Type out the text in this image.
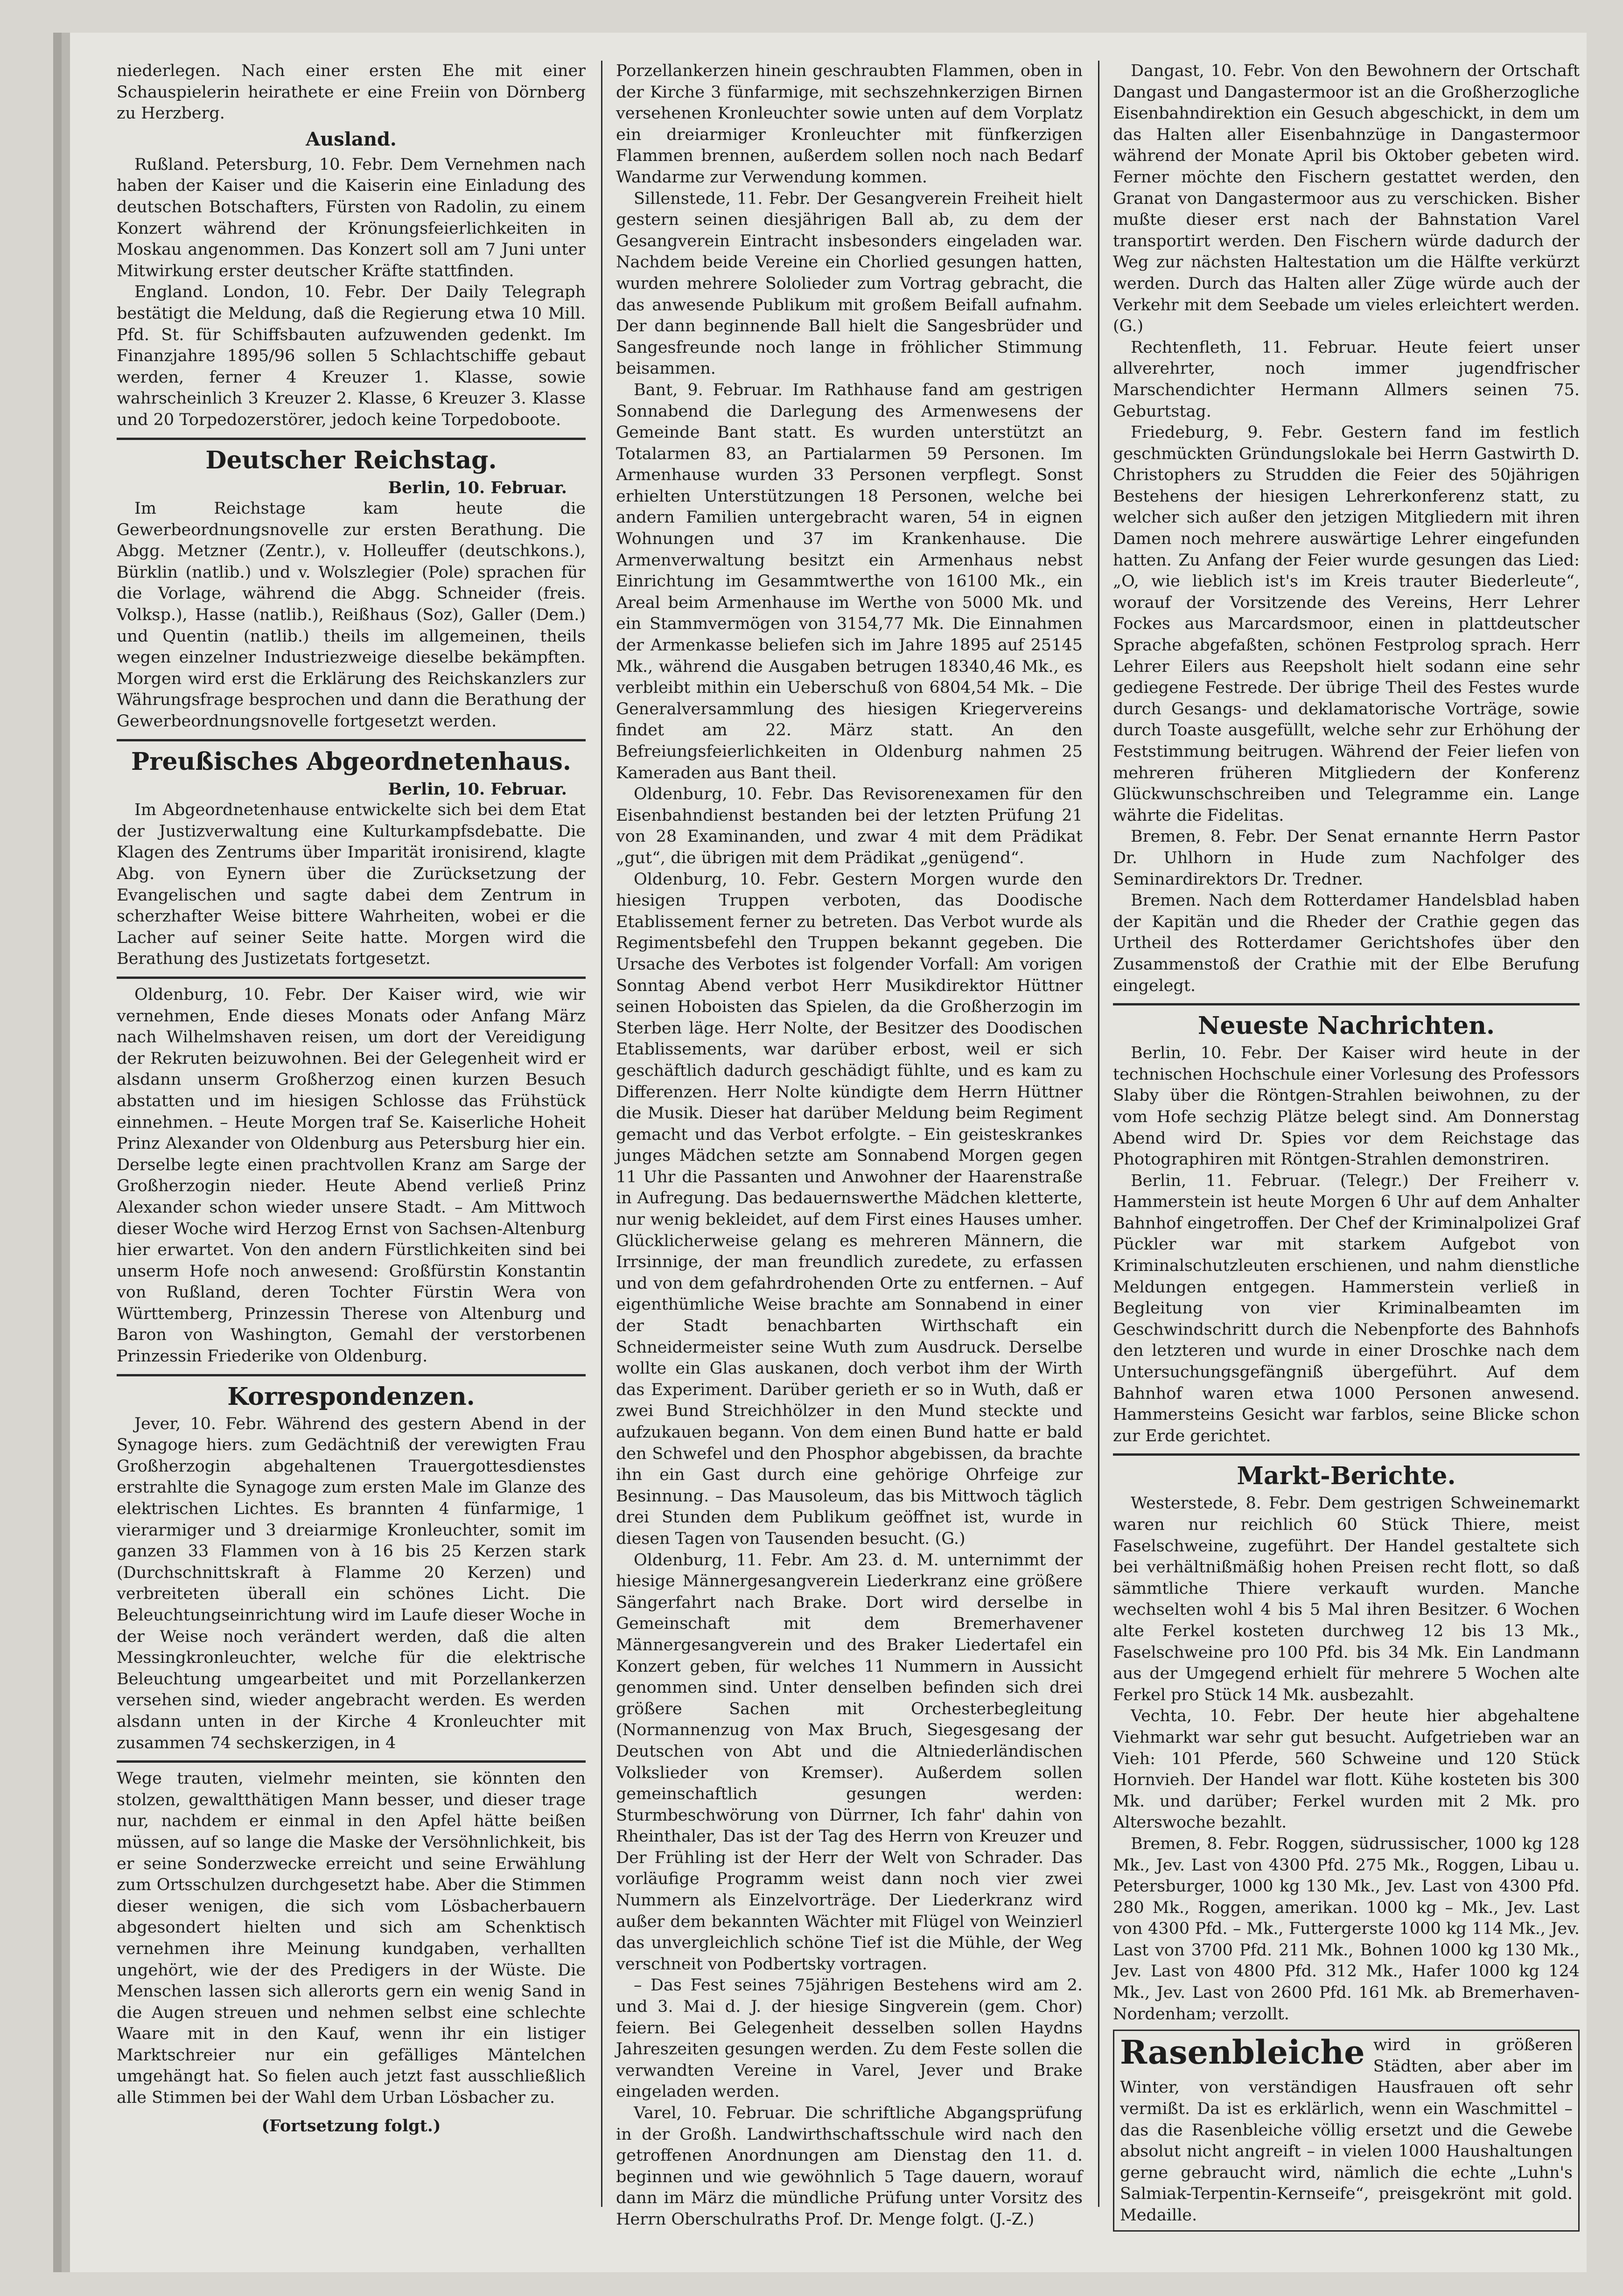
niederlegen. Nach einer ersten Ehe mit einer Schauspielerin heirathete er eine Freiin von Dörnberg zu Herzberg.

Ausland.

Rußland. Petersburg, 10. Febr. Dem Vernehmen nach haben der Kaiser und die Kaiserin eine Einladung des deutschen Botschafters, Fürsten von Radolin, zu einem Konzert während der Krönungsfeierlichkeiten in Moskau angenommen. Das Konzert soll am 7 Juni unter Mitwirkung erster deutscher Kräfte stattfinden.

England. London, 10. Febr. Der Daily Telegraph bestätigt die Meldung, daß die Regierung etwa 10 Mill. Pfd. St. für Schiffsbauten aufzuwenden gedenkt. Im Finanzjahre 1895/96 sollen 5 Schlachtschiffe gebaut werden, ferner 4 Kreuzer 1. Klasse, sowie wahrscheinlich 3 Kreuzer 2. Klasse, 6 Kreuzer 3. Klasse und 20 Torpedozerstörer, jedoch keine Torpedoboote.

Deutscher Reichstag.

Berlin, 10. Februar.

Im Reichstage kam heute die Gewerbeordnungsnovelle zur ersten Berathung. Die Abgg. Metzner (Zentr.), v. Holleuffer (deutschkons.), Bürklin (natlib.) und v. Wolszlegier (Pole) sprachen für die Vorlage, während die Abgg. Schneider (freis. Volksp.), Hasse (natlib.), Reißhaus (Soz), Galler (Dem.) und Quentin (natlib.) theils im allgemeinen, theils wegen einzelner Industriezweige dieselbe bekämpften. Morgen wird erst die Erklärung des Reichskanzlers zur Währungsfrage besprochen und dann die Berathung der Gewerbeordnungsnovelle fortgesetzt werden.

Preußisches Abgeordnetenhaus.

Berlin, 10. Februar.

Im Abgeordnetenhause entwickelte sich bei dem Etat der Justizverwaltung eine Kulturkampfsdebatte. Die Klagen des Zentrums über Imparität ironisirend, klagte Abg. von Eynern über die Zurücksetzung der Evangelischen und sagte dabei dem Zentrum in scherzhafter Weise bittere Wahrheiten, wobei er die Lacher auf seiner Seite hatte. Morgen wird die Berathung des Justizetats fortgesetzt.

Oldenburg, 10. Febr. Der Kaiser wird, wie wir vernehmen, Ende dieses Monats oder Anfang März nach Wilhelmshaven reisen, um dort der Vereidigung der Rekruten beizuwohnen. Bei der Gelegenheit wird er alsdann unserm Großherzog einen kurzen Besuch abstatten und im hiesigen Schlosse das Frühstück einnehmen. – Heute Morgen traf Se. Kaiserliche Hoheit Prinz Alexander von Oldenburg aus Petersburg hier ein. Derselbe legte einen prachtvollen Kranz am Sarge der Großherzogin nieder. Heute Abend verließ Prinz Alexander schon wieder unsere Stadt. – Am Mittwoch dieser Woche wird Herzog Ernst von Sachsen-Altenburg hier erwartet. Von den andern Fürstlichkeiten sind bei unserm Hofe noch anwesend: Großfürstin Konstantin von Rußland, deren Tochter Fürstin Wera von Württemberg, Prinzessin Therese von Altenburg und Baron von Washington, Gemahl der verstorbenen Prinzessin Friederike von Oldenburg.

Korrespondenzen.

Jever, 10. Febr. Während des gestern Abend in der Synagoge hiers. zum Gedächtniß der verewigten Frau Großherzogin abgehaltenen Trauergottesdienstes erstrahlte die Synagoge zum ersten Male im Glanze des elektrischen Lichtes. Es brannten 4 fünfarmige, 1 vierarmiger und 3 dreiarmige Kronleuchter, somit im ganzen 33 Flammen von à 16 bis 25 Kerzen stark (Durchschnittskraft à Flamme 20 Kerzen) und verbreiteten überall ein schönes Licht. Die Beleuchtungseinrichtung wird im Laufe dieser Woche in der Weise noch verändert werden, daß die alten Messingkronleuchter, welche für die elektrische Beleuchtung umgearbeitet und mit Porzellankerzen versehen sind, wieder angebracht werden. Es werden alsdann unten in der Kirche 4 Kronleuchter mit zusammen 74 sechskerzigen, in 4

Wege trauten, vielmehr meinten, sie könnten den stolzen, gewaltthätigen Mann besser, und dieser trage nur, nachdem er einmal in den Apfel hätte beißen müssen, auf so lange die Maske der Versöhnlichkeit, bis er seine Sonderzwecke erreicht und seine Erwählung zum Ortsschulzen durchgesetzt habe. Aber die Stimmen dieser wenigen, die sich vom Lösbacherbauern abgesondert hielten und sich am Schenktisch vernehmen ihre Meinung kundgaben, verhallten ungehört, wie der des Predigers in der Wüste. Die Menschen lassen sich allerorts gern ein wenig Sand in die Augen streuen und nehmen selbst eine schlechte Waare mit in den Kauf, wenn ihr ein listiger Marktschreier nur ein gefälliges Mäntelchen umgehängt hat. So fielen auch jetzt fast ausschließlich alle Stimmen bei der Wahl dem Urban Lösbacher zu.

(Fortsetzung folgt.)

Porzellankerzen hinein geschraubten Flammen, oben in der Kirche 3 fünfarmige, mit sechszehnkerzigen Birnen versehenen Kronleuchter sowie unten auf dem Vorplatz ein dreiarmiger Kronleuchter mit fünfkerzigen Flammen brennen, außerdem sollen noch nach Bedarf Wandarme zur Verwendung kommen.

Sillenstede, 11. Febr. Der Gesangverein Freiheit hielt gestern seinen diesjährigen Ball ab, zu dem der Gesangverein Eintracht insbesonders eingeladen war. Nachdem beide Vereine ein Chorlied gesungen hatten, wurden mehrere Sololieder zum Vortrag gebracht, die das anwesende Publikum mit großem Beifall aufnahm. Der dann beginnende Ball hielt die Sangesbrüder und Sangesfreunde noch lange in fröhlicher Stimmung beisammen.

Bant, 9. Februar. Im Rathhause fand am gestrigen Sonnabend die Darlegung des Armenwesens der Gemeinde Bant statt. Es wurden unterstützt an Totalarmen 83, an Partialarmen 59 Personen. Im Armenhause wurden 33 Personen verpflegt. Sonst erhielten Unterstützungen 18 Personen, welche bei andern Familien untergebracht waren, 54 in eignen Wohnungen und 37 im Krankenhause. Die Armenverwaltung besitzt ein Armenhaus nebst Einrichtung im Gesammtwerthe von 16100 Mk., ein Areal beim Armenhause im Werthe von 5000 Mk. und ein Stammvermögen von 3154,77 Mk. Die Einnahmen der Armenkasse beliefen sich im Jahre 1895 auf 25145 Mk., während die Ausgaben betrugen 18340,46 Mk., es verbleibt mithin ein Ueberschuß von 6804,54 Mk. – Die Generalversammlung des hiesigen Kriegervereins findet am 22. März statt. An den Befreiungsfeierlichkeiten in Oldenburg nahmen 25 Kameraden aus Bant theil.

Oldenburg, 10. Febr. Das Revisorenexamen für den Eisenbahndienst bestanden bei der letzten Prüfung 21 von 28 Examinanden, und zwar 4 mit dem Prädikat „gut“, die übrigen mit dem Prädikat „genügend“.

Oldenburg, 10. Febr. Gestern Morgen wurde den hiesigen Truppen verboten, das Doodische Etablissement ferner zu betreten. Das Verbot wurde als Regimentsbefehl den Truppen bekannt gegeben. Die Ursache des Verbotes ist folgender Vorfall: Am vorigen Sonntag Abend verbot Herr Musikdirektor Hüttner seinen Hoboisten das Spielen, da die Großherzogin im Sterben läge. Herr Nolte, der Besitzer des Doodischen Etablissements, war darüber erbost, weil er sich geschäftlich dadurch geschädigt fühlte, und es kam zu Differenzen. Herr Nolte kündigte dem Herrn Hüttner die Musik. Dieser hat darüber Meldung beim Regiment gemacht und das Verbot erfolgte. – Ein geisteskrankes junges Mädchen setzte am Sonnabend Morgen gegen 11 Uhr die Passanten und Anwohner der Haarenstraße in Aufregung. Das bedauernswerthe Mädchen kletterte, nur wenig bekleidet, auf dem First eines Hauses umher. Glücklicherweise gelang es mehreren Männern, die Irrsinnige, der man freundlich zuredete, zu erfassen und von dem gefahrdrohenden Orte zu entfernen. – Auf eigenthümliche Weise brachte am Sonnabend in einer der Stadt benachbarten Wirthschaft ein Schneidermeister seine Wuth zum Ausdruck. Derselbe wollte ein Glas auskanen, doch verbot ihm der Wirth das Experiment. Darüber gerieth er so in Wuth, daß er zwei Bund Streichhölzer in den Mund steckte und aufzukauen begann. Von dem einen Bund hatte er bald den Schwefel und den Phosphor abgebissen, da brachte ihn ein Gast durch eine gehörige Ohrfeige zur Besinnung. – Das Mausoleum, das bis Mittwoch täglich drei Stunden dem Publikum geöffnet ist, wurde in diesen Tagen von Tausenden besucht. (G.)

Oldenburg, 11. Febr. Am 23. d. M. unternimmt der hiesige Männergesangverein Liederkranz eine größere Sängerfahrt nach Brake. Dort wird derselbe in Gemeinschaft mit dem Bremerhavener Männergesangverein und des Braker Liedertafel ein Konzert geben, für welches 11 Nummern in Aussicht genommen sind. Unter denselben befinden sich drei größere Sachen mit Orchesterbegleitung (Normannenzug von Max Bruch, Siegesgesang der Deutschen von Abt und die Altniederländischen Volkslieder von Kremser). Außerdem sollen gemeinschaftlich gesungen werden: Sturmbeschwörung von Dürrner, Ich fahr' dahin von Rheinthaler, Das ist der Tag des Herrn von Kreuzer und Der Frühling ist der Herr der Welt von Schrader. Das vorläufige Programm weist dann noch vier zwei Nummern als Einzelvorträge. Der Liederkranz wird außer dem bekannten Wächter mit Flügel von Weinzierl das unvergleichlich schöne Tief ist die Mühle, der Weg verschneit von Podbertsky vortragen.

– Das Fest seines 75jährigen Bestehens wird am 2. und 3. Mai d. J. der hiesige Singverein (gem. Chor) feiern. Bei Gelegenheit desselben sollen Haydns Jahreszeiten gesungen werden. Zu dem Feste sollen die verwandten Vereine in Varel, Jever und Brake eingeladen werden.

Varel, 10. Februar. Die schriftliche Abgangsprüfung in der Großh. Landwirthschaftsschule wird nach den getroffenen Anordnungen am Dienstag den 11. d. beginnen und wie gewöhnlich 5 Tage dauern, worauf dann im März die mündliche Prüfung unter Vorsitz des Herrn Oberschulraths Prof. Dr. Menge folgt. (J.-Z.)

Dangast, 10. Febr. Von den Bewohnern der Ortschaft Dangast und Dangastermoor ist an die Großherzogliche Eisenbahndirektion ein Gesuch abgeschickt, in dem um das Halten aller Eisenbahnzüge in Dangastermoor während der Monate April bis Oktober gebeten wird. Ferner möchte den Fischern gestattet werden, den Granat von Dangastermoor aus zu verschicken. Bisher mußte dieser erst nach der Bahnstation Varel transportirt werden. Den Fischern würde dadurch der Weg zur nächsten Haltestation um die Hälfte verkürzt werden. Durch das Halten aller Züge würde auch der Verkehr mit dem Seebade um vieles erleichtert werden. (G.)

Rechtenfleth, 11. Februar. Heute feiert unser allverehrter, noch immer jugendfrischer Marschendichter Hermann Allmers seinen 75. Geburtstag.

Friedeburg, 9. Febr. Gestern fand im festlich geschmückten Gründungslokale bei Herrn Gastwirth D. Christophers zu Strudden die Feier des 50jährigen Bestehens der hiesigen Lehrerkonferenz statt, zu welcher sich außer den jetzigen Mitgliedern mit ihren Damen noch mehrere auswärtige Lehrer eingefunden hatten. Zu Anfang der Feier wurde gesungen das Lied: „O, wie lieblich ist's im Kreis trauter Biederleute“, worauf der Vorsitzende des Vereins, Herr Lehrer Fockes aus Marcardsmoor, einen in plattdeutscher Sprache abgefaßten, schönen Festprolog sprach. Herr Lehrer Eilers aus Reepsholt hielt sodann eine sehr gediegene Festrede. Der übrige Theil des Festes wurde durch Gesangs- und deklamatorische Vorträge, sowie durch Toaste ausgefüllt, welche sehr zur Erhöhung der Feststimmung beitrugen. Während der Feier liefen von mehreren früheren Mitgliedern der Konferenz Glückwunschschreiben und Telegramme ein. Lange währte die Fidelitas.

Bremen, 8. Febr. Der Senat ernannte Herrn Pastor Dr. Uhlhorn in Hude zum Nachfolger des Seminardirektors Dr. Tredner.

Bremen. Nach dem Rotterdamer Handelsblad haben der Kapitän und die Rheder der Crathie gegen das Urtheil des Rotterdamer Gerichtshofes über den Zusammenstoß der Crathie mit der Elbe Berufung eingelegt.

Neueste Nachrichten.

Berlin, 10. Febr. Der Kaiser wird heute in der technischen Hochschule einer Vorlesung des Professors Slaby über die Röntgen-Strahlen beiwohnen, zu der vom Hofe sechzig Plätze belegt sind. Am Donnerstag Abend wird Dr. Spies vor dem Reichstage das Photographiren mit Röntgen-Strahlen demonstriren.

Berlin, 11. Februar. (Telegr.) Der Freiherr v. Hammerstein ist heute Morgen 6 Uhr auf dem Anhalter Bahnhof eingetroffen. Der Chef der Kriminalpolizei Graf Pückler war mit starkem Aufgebot von Kriminalschutzleuten erschienen, und nahm dienstliche Meldungen entgegen. Hammerstein verließ in Begleitung von vier Kriminalbeamten im Geschwindschritt durch die Nebenpforte des Bahnhofs den letzteren und wurde in einer Droschke nach dem Untersuchungsgefängniß übergeführt. Auf dem Bahnhof waren etwa 1000 Personen anwesend. Hammersteins Gesicht war farblos, seine Blicke schon zur Erde gerichtet.

Markt-Berichte.

Westerstede, 8. Febr. Dem gestrigen Schweinemarkt waren nur reichlich 60 Stück Thiere, meist Faselschweine, zugeführt. Der Handel gestaltete sich bei verhältnißmäßig hohen Preisen recht flott, so daß sämmtliche Thiere verkauft wurden. Manche wechselten wohl 4 bis 5 Mal ihren Besitzer. 6 Wochen alte Ferkel kosteten durchweg 12 bis 13 Mk., Faselschweine pro 100 Pfd. bis 34 Mk. Ein Landmann aus der Umgegend erhielt für mehrere 5 Wochen alte Ferkel pro Stück 14 Mk. ausbezahlt.

Vechta, 10. Febr. Der heute hier abgehaltene Viehmarkt war sehr gut besucht. Aufgetrieben war an Vieh: 101 Pferde, 560 Schweine und 120 Stück Hornvieh. Der Handel war flott. Kühe kosteten bis 300 Mk. und darüber; Ferkel wurden mit 2 Mk. pro Alterswoche bezahlt.

Bremen, 8. Febr. Roggen, südrussischer, 1000 kg 128 Mk., Jev. Last von 4300 Pfd. 275 Mk., Roggen, Libau u. Petersburger, 1000 kg 130 Mk., Jev. Last von 4300 Pfd. 280 Mk., Roggen, amerikan. 1000 kg – Mk., Jev. Last von 4300 Pfd. – Mk., Futtergerste 1000 kg 114 Mk., Jev. Last von 3700 Pfd. 211 Mk., Bohnen 1000 kg 130 Mk., Jev. Last von 4800 Pfd. 312 Mk., Hafer 1000 kg 124 Mk., Jev. Last von 2600 Pfd. 161 Mk. ab Bremerhaven-Nordenham; verzollt.

Rasenbleiche wird in größeren Städten, aber aber im Winter, von verständigen Hausfrauen oft sehr vermißt. Da ist es erklärlich, wenn ein Waschmittel – das die Rasenbleiche völlig ersetzt und die Gewebe absolut nicht angreift – in vielen 1000 Haushaltungen gerne gebraucht wird, nämlich die echte „Luhn's Salmiak-Terpentin-Kernseife“, preisgekrönt mit gold. Medaille.
